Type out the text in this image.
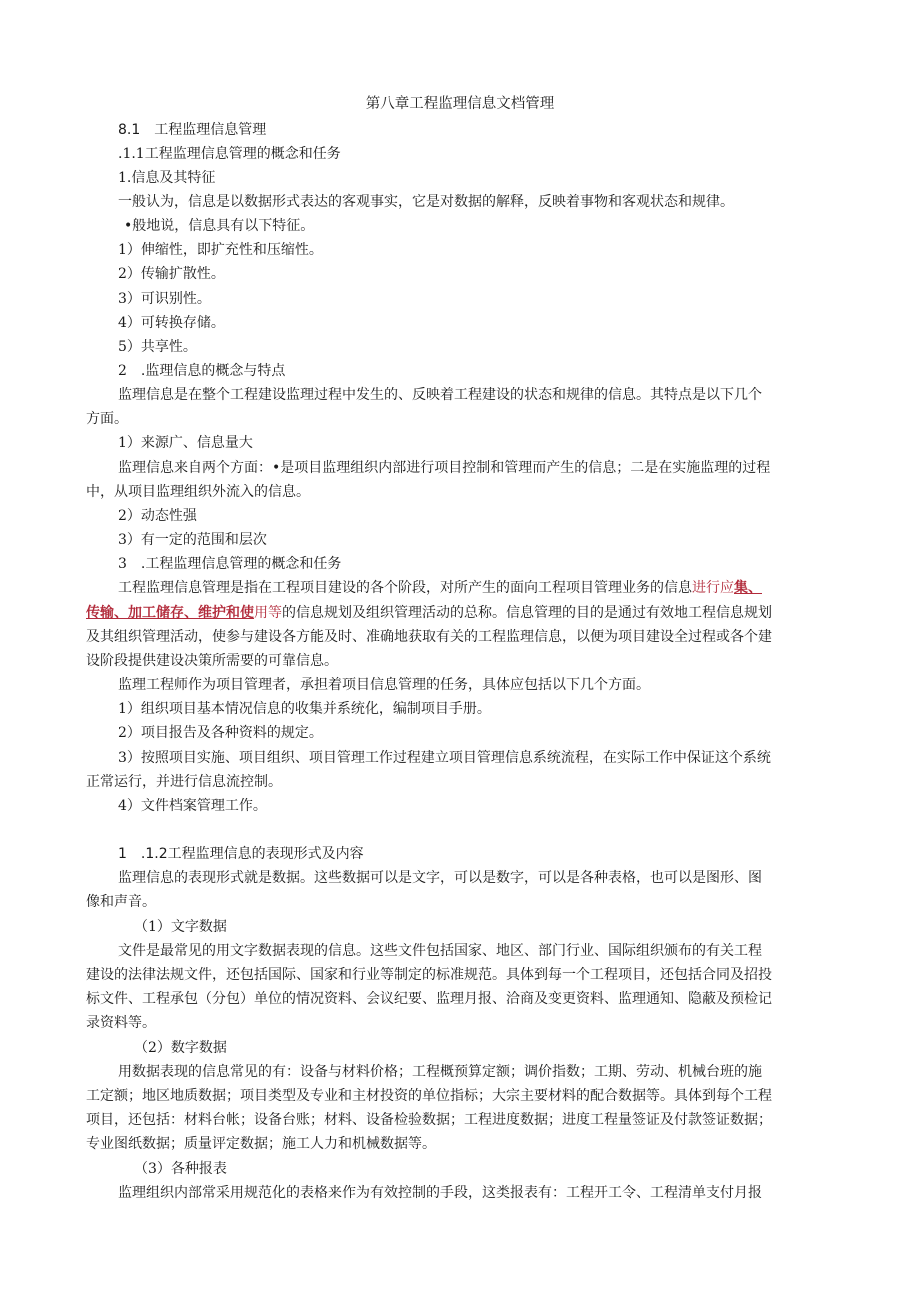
第八章工程监理信息文档管理
8.1　工程监理信息管理
.1.1工程监理信息管理的概念和任务
1.信息及其特征
一般认为，信息是以数据形式表达的客观事实，它是对数据的解释，反映着事物和客观状态和规律。
•般地说，信息具有以下特征。
1）伸缩性，即扩充性和压缩性。
2）传输扩散性。
3）可识别性。
4）可转换存储。
5）共享性。
2　.监理信息的概念与特点
监理信息是在整个工程建设监理过程中发生的、反映着工程建设的状态和规律的信息。其特点是以下几个
方面。
1）来源广、信息量大
监理信息来自两个方面：•是项目监理组织内部进行项目控制和管理而产生的信息；二是在实施监理的过程
中，从项目监理组织外流入的信息。
2）动态性强
3）有一定的范围和层次
3　.工程监理信息管理的概念和任务
工程监理信息管理是指在工程项目建设的各个阶段，对所产生的面向工程项目管理业务的信息进行应集、
传输、加工储存、维护和使用等的信息规划及组织管理活动的总称。信息管理的目的是通过有效地工程信息规划
及其组织管理活动，使参与建设各方能及时、准确地获取有关的工程监理信息，以便为项目建设全过程或各个建
设阶段提供建设决策所需要的可靠信息。
监理工程师作为项目管理者，承担着项目信息管理的任务，具体应包括以下几个方面。
1）组织项目基本情况信息的收集并系统化，编制项目手册。
2）项目报告及各种资料的规定。
3）按照项目实施、项目组织、项目管理工作过程建立项目管理信息系统流程，在实际工作中保证这个系统
正常运行，并进行信息流控制。
4）文件档案管理工作。
1　.1.2工程监理信息的表现形式及内容
监理信息的表现形式就是数据。这些数据可以是文字，可以是数字，可以是各种表格，也可以是图形、图
像和声音。
（1）文字数据
文件是最常见的用文字数据表现的信息。这些文件包括国家、地区、部门行业、国际组织颁布的有关工程
建设的法律法规文件，还包括国际、国家和行业等制定的标准规范。具体到每一个工程项目，还包括合同及招投
标文件、工程承包（分包）单位的情况资料、会议纪要、监理月报、洽商及变更资料、监理通知、隐蔽及预检记
录资料等。
（2）数字数据
用数据表现的信息常见的有：设备与材料价格；工程概预算定额；调价指数；工期、劳动、机械台班的施
工定额；地区地质数据；项目类型及专业和主材投资的单位指标；大宗主要材料的配合数据等。具体到每个工程
项目，还包括：材料台帐；设备台账；材料、设备检验数据；工程进度数据；进度工程量签证及付款签证数据；
专业图纸数据；质量评定数据；施工人力和机械数据等。
（3）各种报表
监理组织内部常采用规范化的表格来作为有效控制的手段，这类报表有：工程开工令、工程清单支付月报
